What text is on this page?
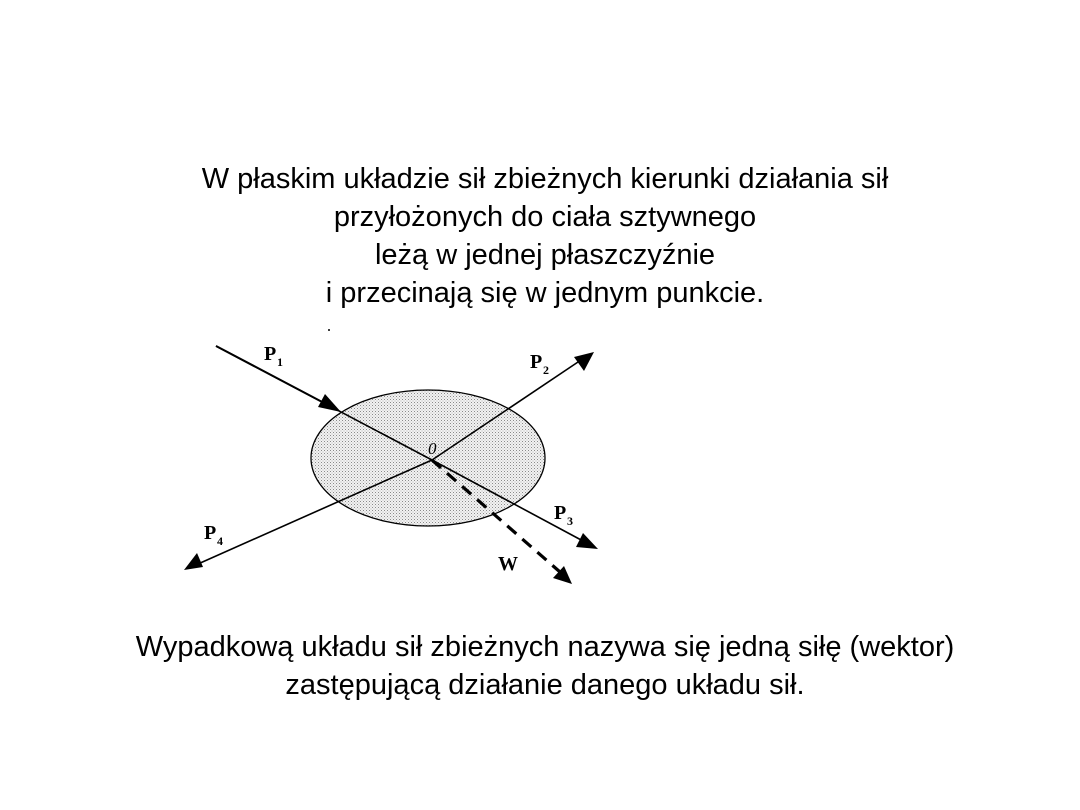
W płaskim układzie sił zbieżnych kierunki działania sił
przyłożonych do ciała sztywnego
leżą w jednej płaszczyźnie
i przecinają się w jednym punkcie.
P 1	P 2
P 3
P 4
W
0
Wypadkową układu sił zbieżnych nazywa się jedną siłę (wektor)
zastępującą działanie danego układu sił.
